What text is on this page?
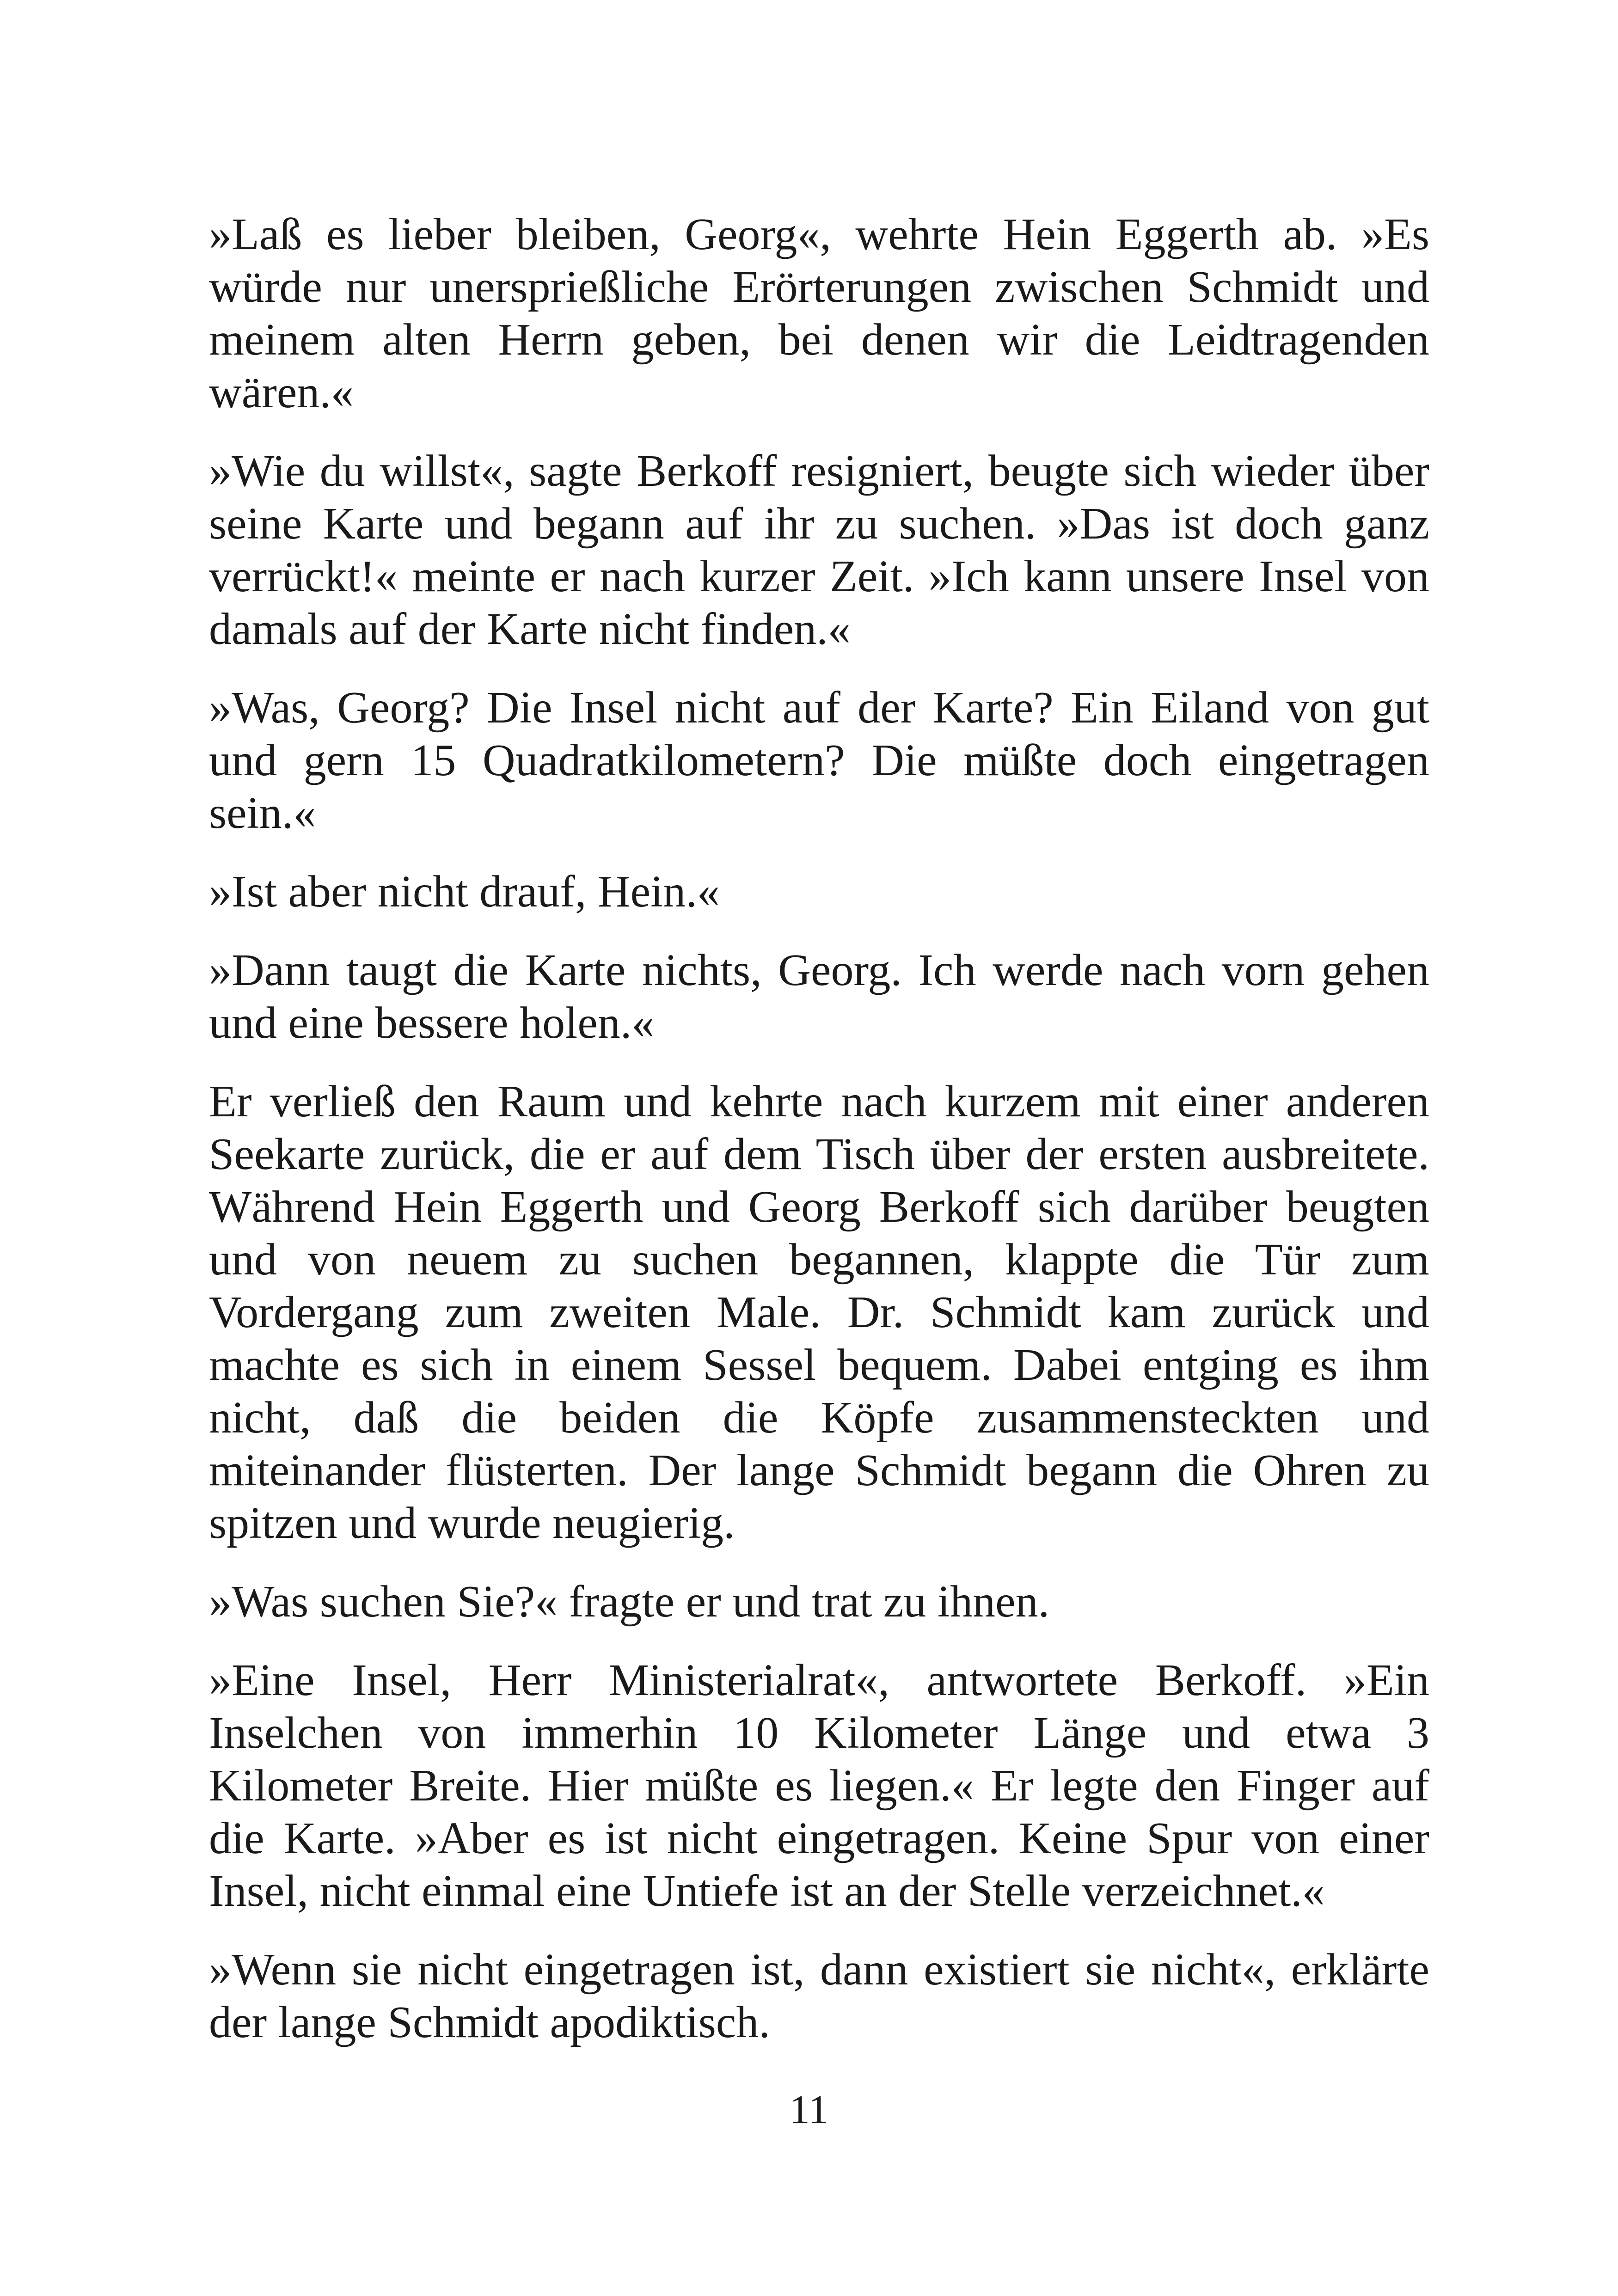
»Laß es lieber bleiben, Georg«, wehrte Hein Eggerth ab. »Es würde nur unersprießliche Erörterungen zwischen Schmidt und meinem alten Herrn geben, bei denen wir die Leidtragenden wären.«

»Wie du willst«, sagte Berkoff resigniert, beugte sich wieder über seine Karte und begann auf ihr zu suchen. »Das ist doch ganz verrückt!« meinte er nach kurzer Zeit. »Ich kann unsere Insel von damals auf der Karte nicht finden.«

»Was, Georg? Die Insel nicht auf der Karte? Ein Eiland von gut und gern 15 Quadratkilometern? Die müßte doch eingetragen sein.«

»Ist aber nicht drauf, Hein.«

»Dann taugt die Karte nichts, Georg. Ich werde nach vorn gehen und eine bessere holen.«

Er verließ den Raum und kehrte nach kurzem mit einer anderen Seekarte zurück, die er auf dem Tisch über der ersten ausbreitete. Während Hein Eggerth und Georg Berkoff sich darüber beugten und von neuem zu suchen begannen, klappte die Tür zum Vordergang zum zweiten Male. Dr. Schmidt kam zurück und machte es sich in einem Sessel bequem. Dabei entging es ihm nicht, daß die beiden die Köpfe zusammensteckten und miteinander flüsterten. Der lange Schmidt begann die Ohren zu spitzen und wurde neugierig.

»Was suchen Sie?« fragte er und trat zu ihnen.

»Eine Insel, Herr Ministerialrat«, antwortete Berkoff. »Ein Inselchen von immerhin 10 Kilometer Länge und etwa 3 Kilometer Breite. Hier müßte es liegen.« Er legte den Finger auf die Karte. »Aber es ist nicht eingetragen. Keine Spur von einer Insel, nicht einmal eine Untiefe ist an der Stelle verzeichnet.«

»Wenn sie nicht eingetragen ist, dann existiert sie nicht«, erklärte der lange Schmidt apodiktisch.

11
